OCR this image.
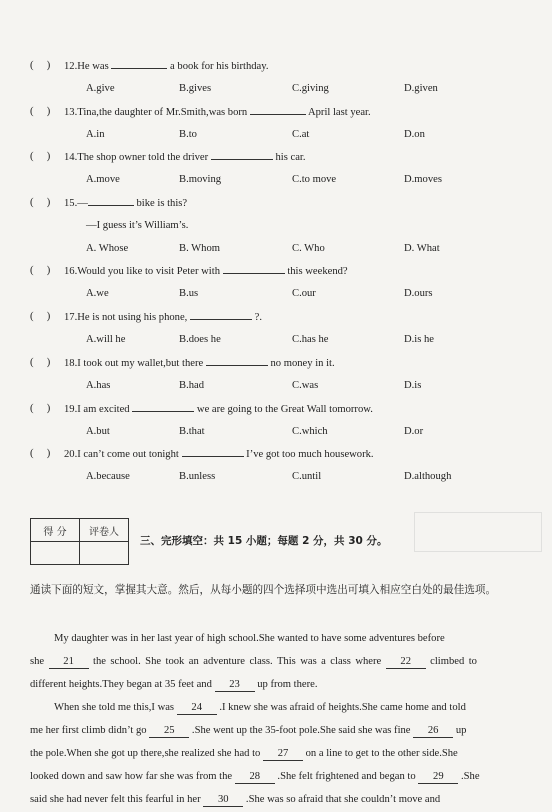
(     )	12.He was	a book for his birthday.
A.give	B.gives	C.giving	D.given
(     )	13.Tina,the daughter of Mr.Smith,was born	April last year.
A.in	B.to	C.at	D.on
(     )	14.The shop owner told the driver	his car.
A.move	B.moving	C.to move	D.moves
(     )	15.—	bike is this?
—I guess it’s William’s.
A. Whose	B. Whom	C. Who	D. What
(     )	16.Would you like to visit Peter with	this weekend?
A.we	B.us	C.our	D.ours
(     )	17.He is not using his phone,	?.
A.will he	B.does he	C.has he	D.is he
(     )	18.I took out my wallet,but there	no money in it.
A.has	B.had	C.was	D.is
(     )	19.I am excited	we are going to the Great Wall tomorrow.
A.but	B.that	C.which	D.or
(     )	20.I can’t come out tonight	I’ve got too much housework.
A.because	B.unless	C.until	D.although
得 分	评卷人

三、完形填空：共 15 小题；每题 2 分，共 30 分。
通读下面的短文，掌握其大意。然后，从每小题的四个选择项中选出可填入相应空白处的最佳选项。
My daughter was in her last year of high school.She wanted to have some adventures before
she 21 the school. She took an adventure class. This was a class where 22 climbed to
different heights.They began at 35 feet and 23 up from there.
When she told me this,I was 24 .I knew she was afraid of heights.She came home and told
me her first climb didn’t go 25 .She went up the 35-foot pole.She said she was fine 26 up
the pole.When she got up there,she realized she had to 27 on a line to get to the other side.She
looked down and saw how far she was from the 28 .She felt frightened and began to 29 .She
said she had never felt this fearful in her 30 .She was so afraid that she couldn’t move and
